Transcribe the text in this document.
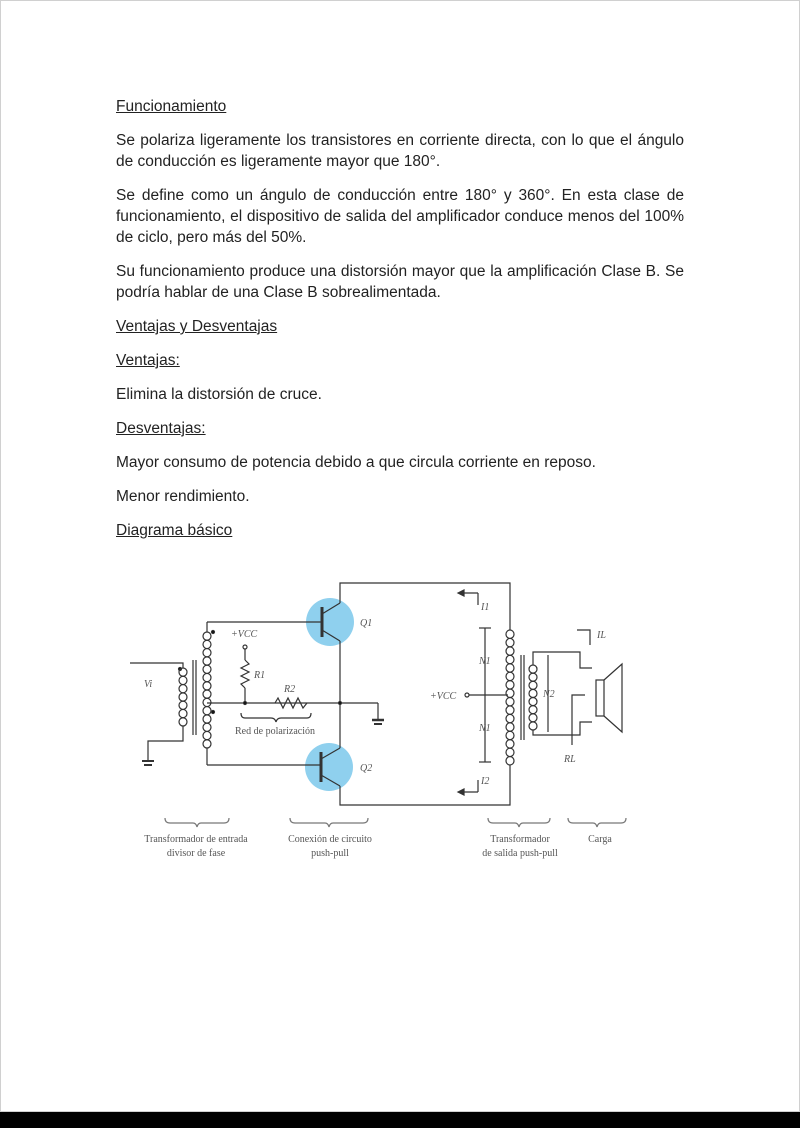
Funcionamiento
Se polariza ligeramente los transistores en corriente directa, con lo que el ángulo de conducción es ligeramente mayor que 180°.
Se define como un ángulo de conducción entre 180° y 360°. En esta clase de funcionamiento, el dispositivo de salida del amplificador conduce menos del 100% de ciclo, pero más del 50%.
Su funcionamiento produce una distorsión mayor que la amplificación Clase B. Se podría hablar de una Clase B sobrealimentada.
Ventajas y Desventajas
Ventajas:
Elimina la distorsión de cruce.
Desventajas:
Mayor consumo de potencia debido a que circula corriente en reposo.
Menor rendimiento.
Diagrama básico
Q1
Q2
+VCC
R1
R2
Vi
+VCC
I1
I2
N1
N1
N2
IL
RL
Red de polarización
Transformador de entrada
divisor de fase
Conexión de circuito
push-pull
Transformador
de salida push-pull
Carga
